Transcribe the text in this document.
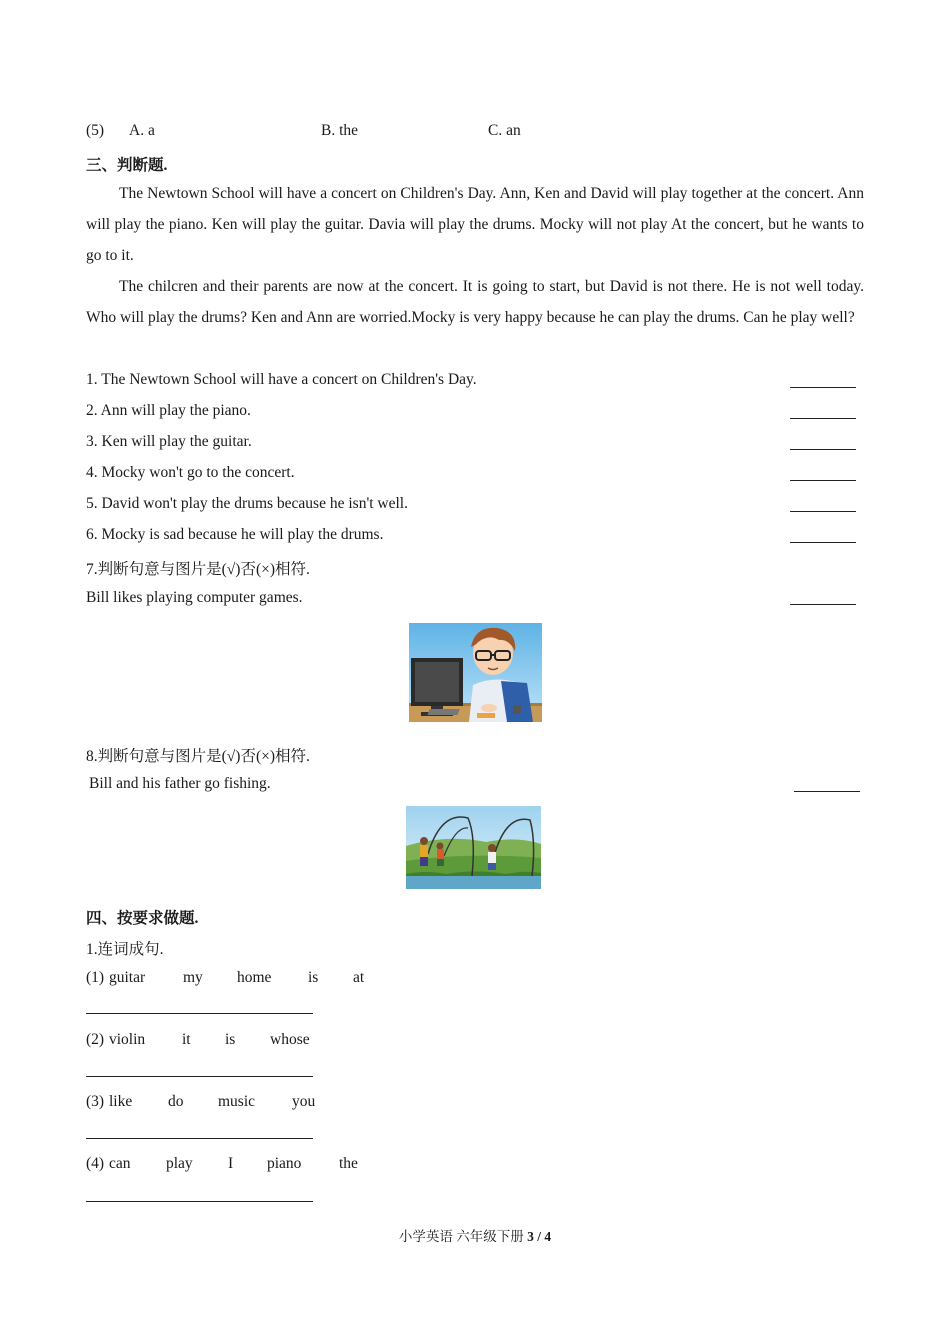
(5) A. a	B. the	C. an
三、判断题.
The Newtown School will have a concert on Children's Day. Ann, Ken and David will play together at the concert. Ann will play the piano. Ken will play the guitar. Davia will play the drums. Mocky will not play At the concert, but he wants to go to it.
The chilcren and their parents are now at the concert. It is going to start, but David is not there. He is not well today. Who will play the drums? Ken and Ann are worried.Mocky is very happy because he can play the drums. Can he play well?
1. The Newtown School will have a concert on Children's Day.
2. Ann will play the piano.
3. Ken will play the guitar.
4. Mocky won't go to the concert.
5. David won't play the drums because he isn't well.
6. Mocky is sad because he will play the drums.
7.判断句意与图片是(√)否(×)相符.
Bill likes playing computer games.
8.判断句意与图片是(√)否(×)相符.
Bill and his father go fishing.
四、按要求做题.
1.连词成句.
(1) guitar my home is at
(2) violin it is whose
(3) like do music you
(4) can play I piano the
小学英语 六年级下册 3 / 4
